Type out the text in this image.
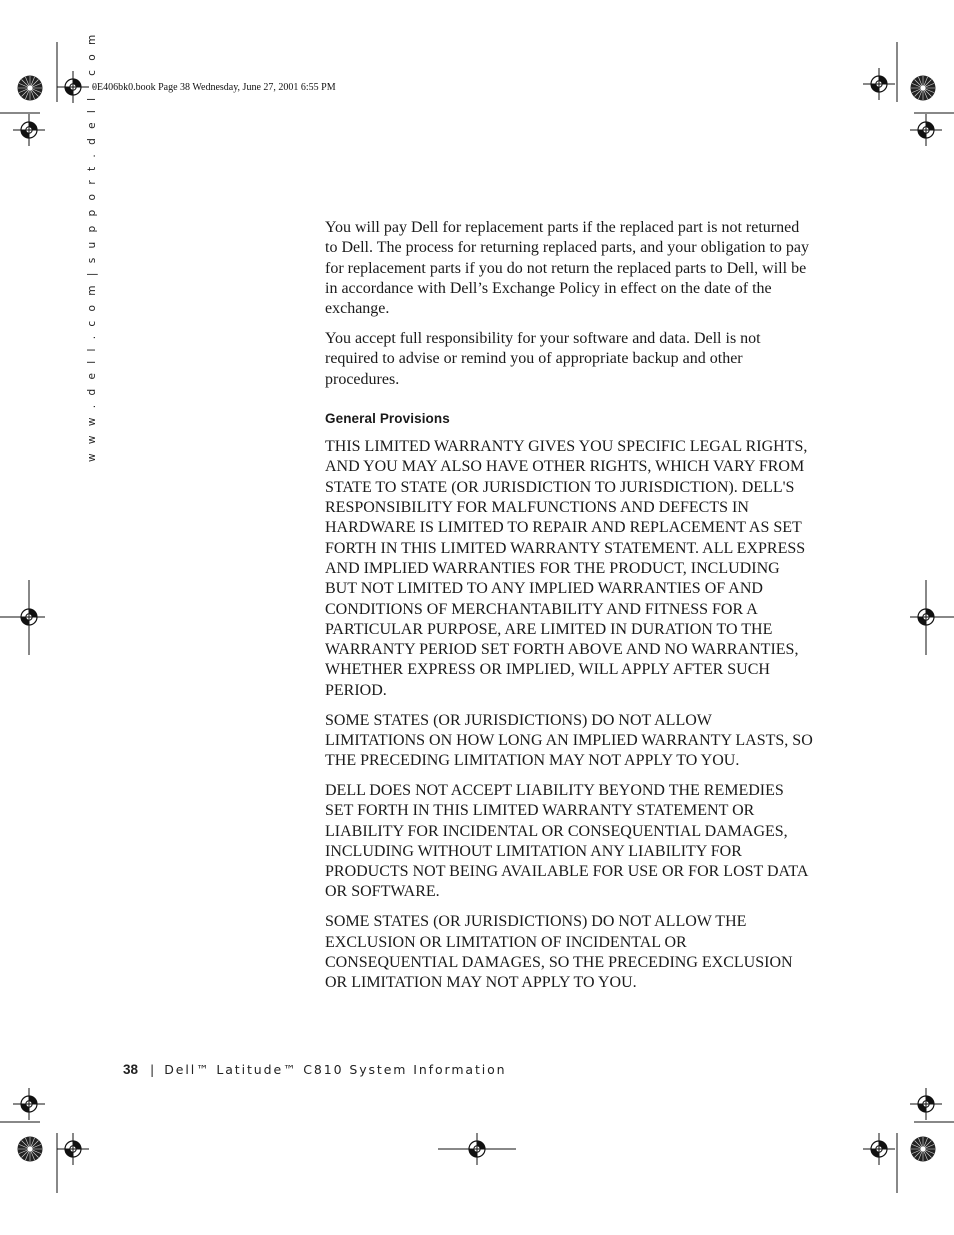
0E406bk0.book Page 38 Wednesday, June 27, 2001 6:55 PM
w w w . d e l l . c o m | s u p p o r t . d e l l . c o m	You will pay Dell for replacement parts if the replaced part is not returned to Dell. The process for returning replaced parts, and your obligation to pay for replacement parts if you do not return the replaced parts to Dell, will be in accordance with Dell’s Exchange Policy in effect on the date of the exchange.

You accept full responsibility for your software and data. Dell is not required to advise or remind you of appropriate backup and other procedures.

General Provisions

THIS LIMITED WARRANTY GIVES YOU SPECIFIC LEGAL RIGHTS, AND YOU MAY ALSO HAVE OTHER RIGHTS, WHICH VARY FROM STATE TO STATE (OR JURISDICTION TO JURISDICTION). DELL'S RESPONSIBILITY FOR MALFUNCTIONS AND DEFECTS IN HARDWARE IS LIMITED TO REPAIR AND REPLACEMENT AS SET FORTH IN THIS LIMITED WARRANTY STATEMENT. ALL EXPRESS AND IMPLIED WARRANTIES FOR THE PRODUCT, INCLUDING BUT NOT LIMITED TO ANY IMPLIED WARRANTIES OF AND CONDITIONS OF MERCHANTABILITY AND FITNESS FOR A PARTICULAR PURPOSE, ARE LIMITED IN DURATION TO THE WARRANTY PERIOD SET FORTH ABOVE AND NO WARRANTIES, WHETHER EXPRESS OR IMPLIED, WILL APPLY AFTER SUCH PERIOD.

SOME STATES (OR JURISDICTIONS) DO NOT ALLOW LIMITATIONS ON HOW LONG AN IMPLIED WARRANTY LASTS, SO THE PRECEDING LIMITATION MAY NOT APPLY TO YOU.

DELL DOES NOT ACCEPT LIABILITY BEYOND THE REMEDIES SET FORTH IN THIS LIMITED WARRANTY STATEMENT OR LIABILITY FOR INCIDENTAL OR CONSEQUENTIAL DAMAGES, INCLUDING WITHOUT LIMITATION ANY LIABILITY FOR PRODUCTS NOT BEING AVAILABLE FOR USE OR FOR LOST DATA OR SOFTWARE.

SOME STATES (OR JURISDICTIONS) DO NOT ALLOW THE EXCLUSION OR LIMITATION OF INCIDENTAL OR CONSEQUENTIAL DAMAGES, SO THE PRECEDING EXCLUSION OR LIMITATION MAY NOT APPLY TO YOU.

38 | Dell™ Latitude™ C810 System Information
